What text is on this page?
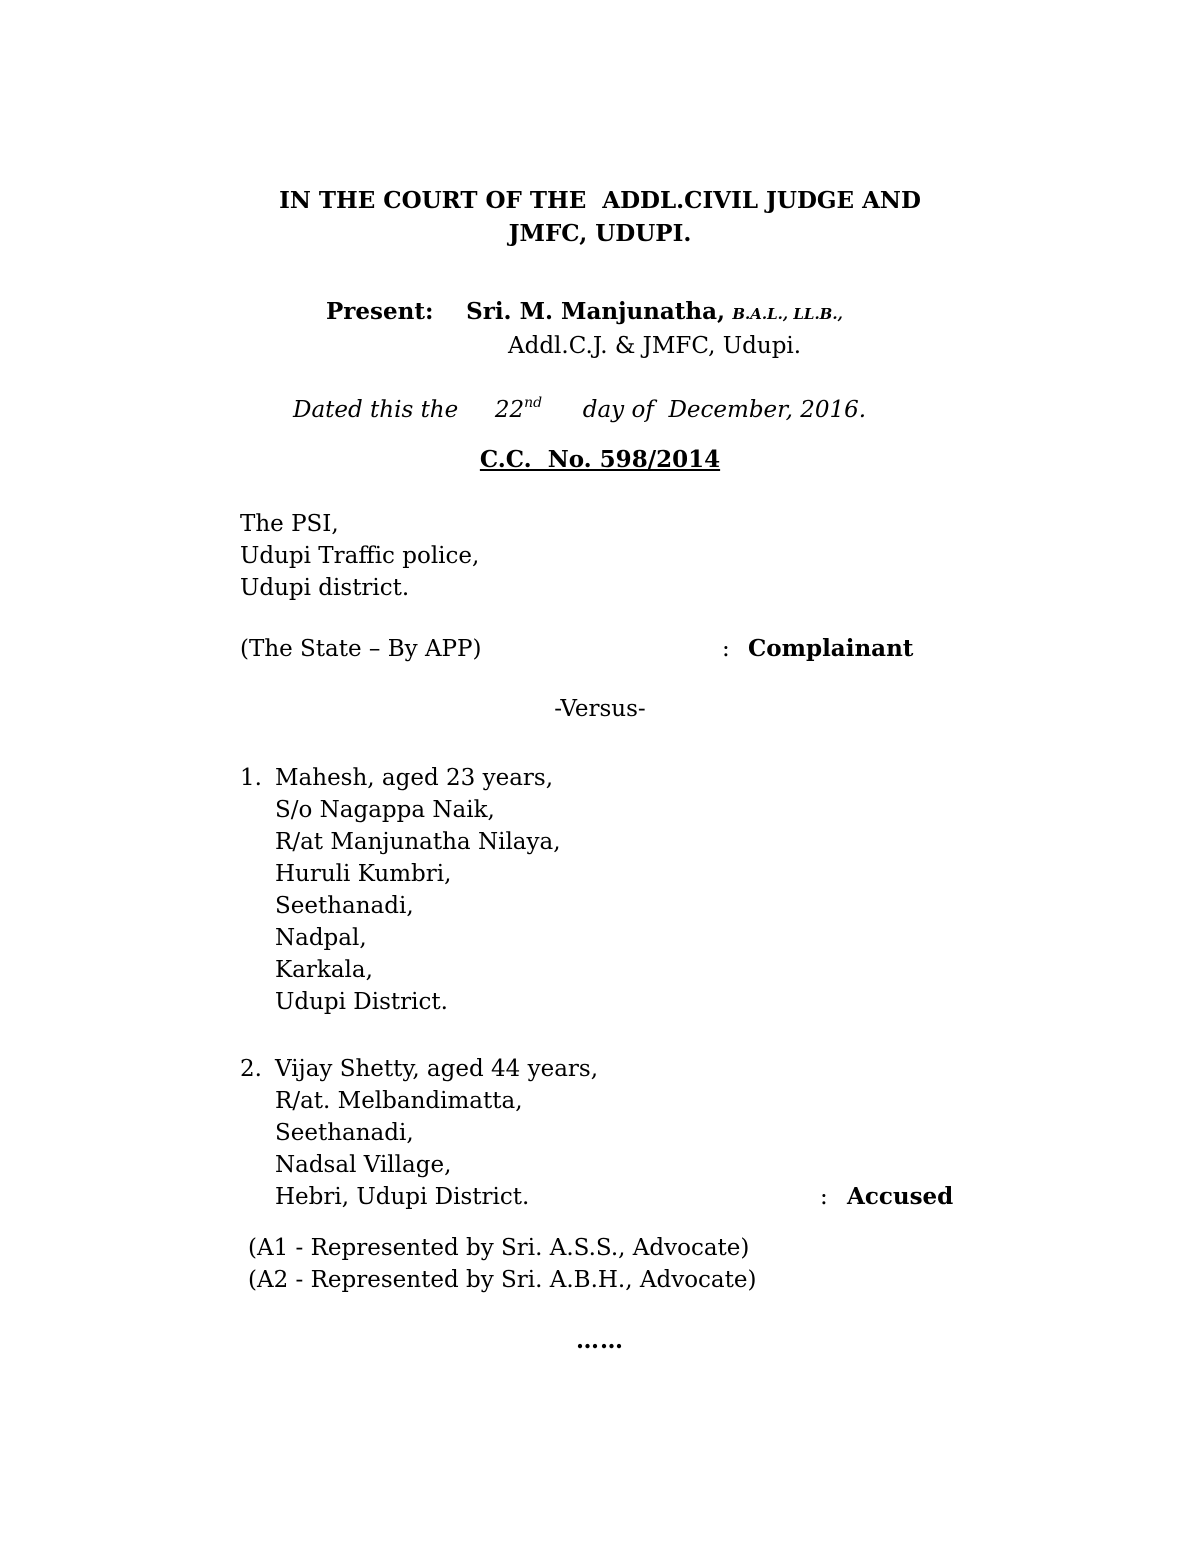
IN THE COURT OF THE  ADDL.CIVIL JUDGE AND
JMFC, UDUPI.
Present: Sri. M. Manjunatha, B.A.L., LL.B.,
Addl.C.J. & JMFC, Udupi.
Dated this the 22nd day of  December, 2016.
C.C.  No. 598/2014
The PSI,
Udupi Traffic police,
Udupi district.
(The State – By APP)	: Complainant
-Versus-
1. Mahesh, aged 23 years,
S/o Nagappa Naik,
R/at Manjunatha Nilaya,
Huruli Kumbri,
Seethanadi,
Nadpal,
Karkala,
Udupi District.
2. Vijay Shetty, aged 44 years,
R/at. Melbandimatta,
Seethanadi,
Nadsal Village,
Hebri, Udupi District.	: Accused
(A1 - Represented by Sri. A.S.S., Advocate)
(A2 - Represented by Sri. A.B.H., Advocate)
……
